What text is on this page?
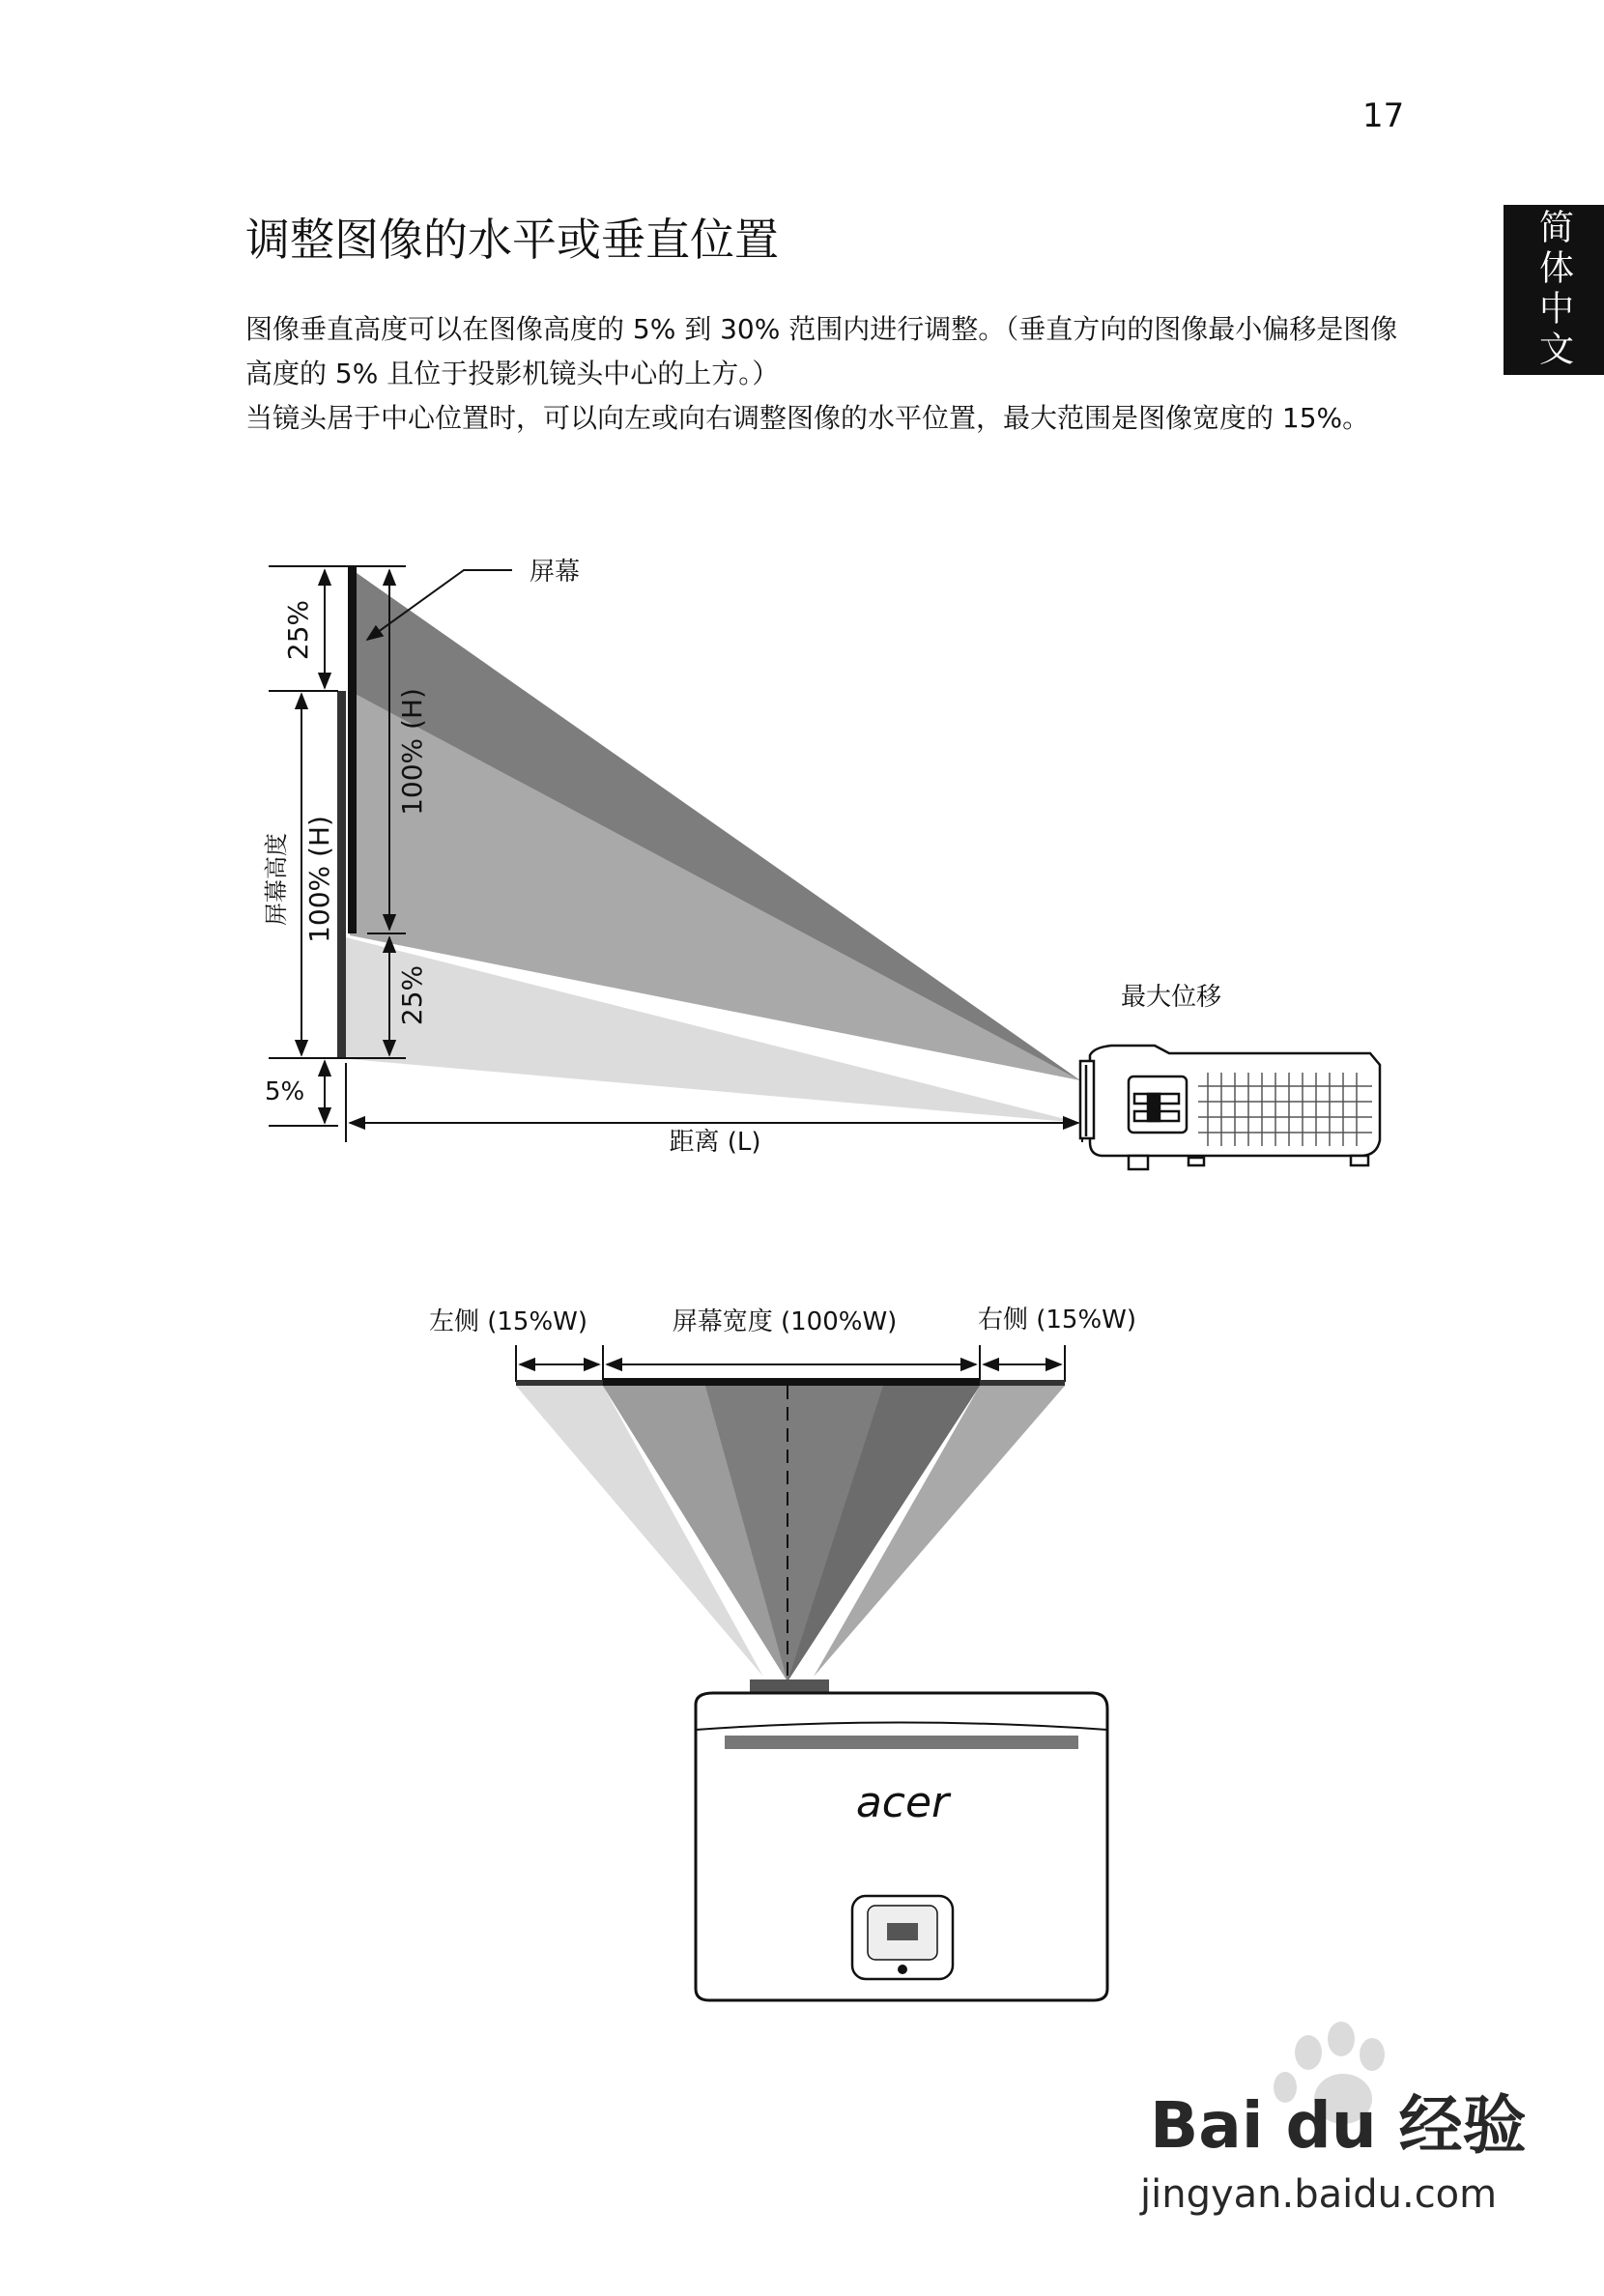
17
简体中文
调整图像的水平或垂直位置

图像垂直高度可以在图像高度的 5% 到 30% 范围内进行调整。（垂直方向的图像最小偏移是图像高度的 5% 且位于投影机镜头中心的上方。）

当镜头居于中心位置时，可以向左或向右调整图像的水平位置，最大范围是图像宽度的 15%。

屏幕
25%
100% (H)
25%
屏幕高度 100% (H)
5%
距离 (L)
最大位移
左侧 (15%W)	屏幕宽度 (100%W)	右侧 (15%W)
acer
Bai du 经验
jingyan.baidu.com
